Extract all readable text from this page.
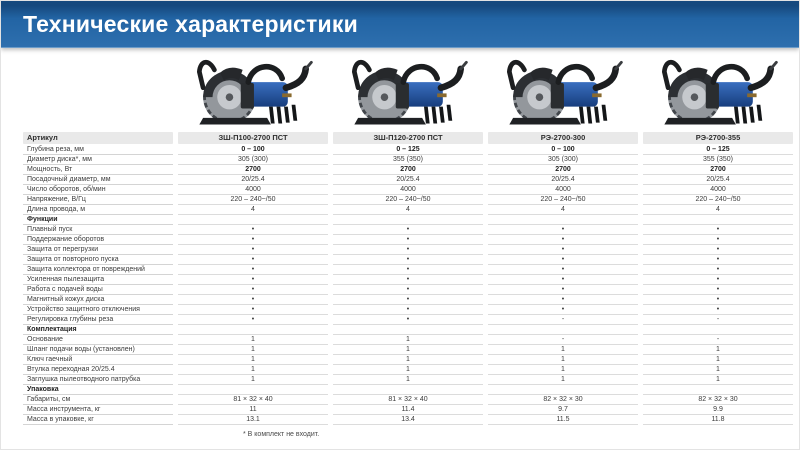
Технические характеристики
Артикул	ЗШ-П100-2700 ПСТ	ЗШ-П120-2700 ПСТ	РЭ-2700-300	РЭ-2700-355
Глубина реза, мм	0 – 100	0 – 125	0 – 100	0 – 125
Диаметр диска*, мм	305 (300)	355 (350)	305 (300)	355 (350)
Мощность, Вт	2700	2700	2700	2700
Посадочный диаметр, мм	20/25.4	20/25.4	20/25.4	20/25.4
Число оборотов, об/мин	4000	4000	4000	4000
Напряжение, В/Гц	220 – 240~/50	220 – 240~/50	220 – 240~/50	220 – 240~/50
Длина провода, м	4	4	4	4
Функции
Плавный пуск	•	•	•	•
Поддержание оборотов	•	•	•	•
Защита от перегрузки	•	•	•	•
Защита от повторного пуска	•	•	•	•
Защита коллектора от повреждений	•	•	•	•
Усиленная пылезащита	•	•	•	•
Работа с подачей воды	•	•	•	•
Магнитный кожух диска	•	•	•	•
Устройство защитного отключения	•	•	•	•
Регулировка глубины реза	•	•	-	-
Комплектация
Основание	1	1	-	-
Шланг подачи воды (установлен)	1	1	1	1
Ключ гаечный	1	1	1	1
Втулка переходная 20/25.4	1	1	1	1
Заглушка пылеотводного патрубка	1	1	1	1
Упаковка
Габариты, см	81 × 32 × 40	81 × 32 × 40	82 × 32 × 30	82 × 32 × 30
Масса инструмента, кг	11	11.4	9.7	9.9
Масса в упаковке, кг	13.1	13.4	11.5	11.8
* В комплект не входит.
